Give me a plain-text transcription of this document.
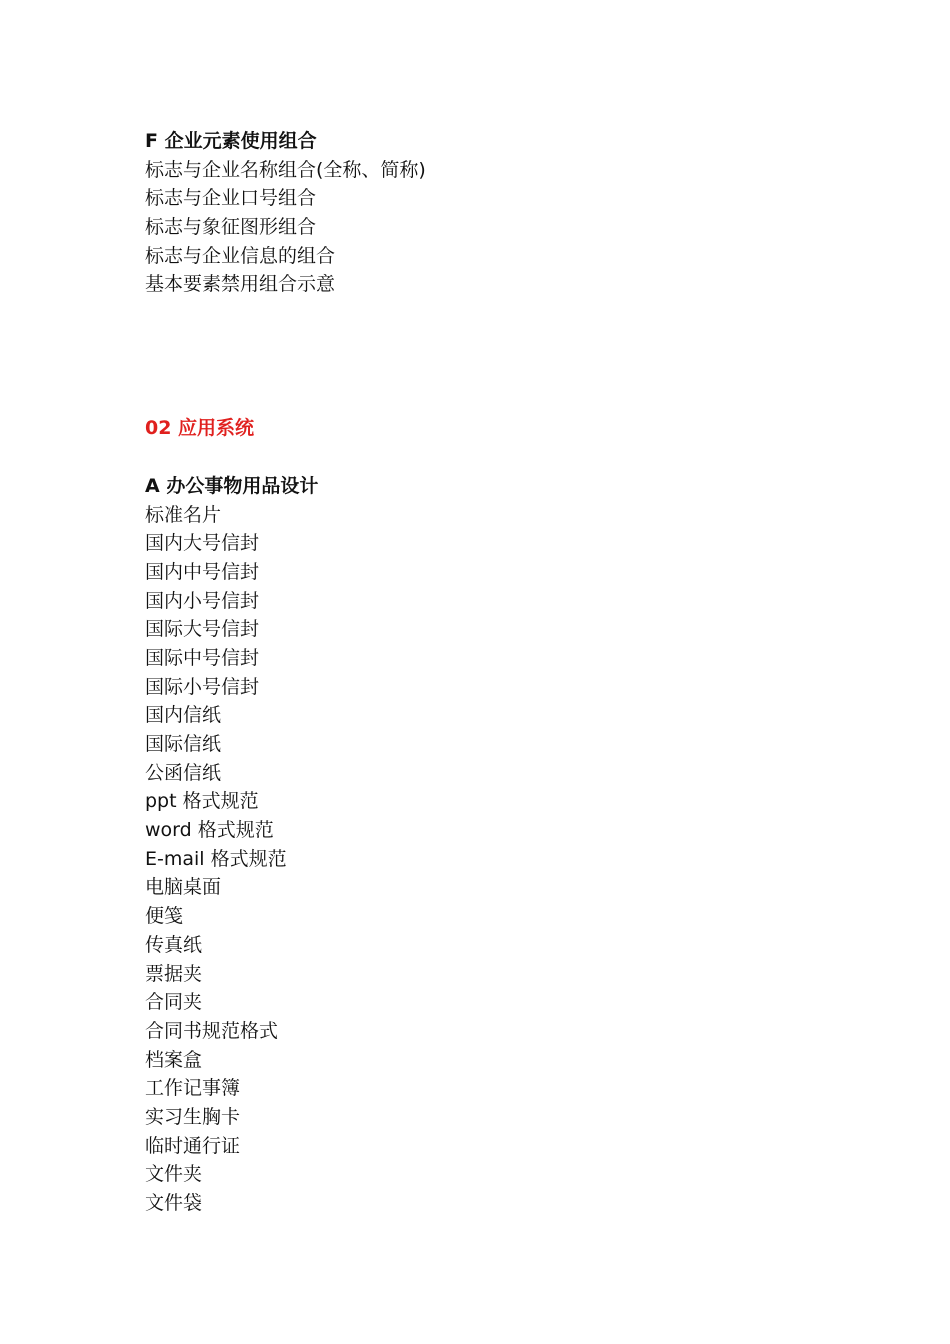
F 企业元素使用组合
标志与企业名称组合(全称、简称)
标志与企业口号组合
标志与象征图形组合
标志与企业信息的组合
基本要素禁用组合示意
02 应用系统
A 办公事物用品设计
标准名片
国内大号信封
国内中号信封
国内小号信封
国际大号信封
国际中号信封
国际小号信封
国内信纸
国际信纸
公函信纸
ppt 格式规范
word 格式规范
E-mail 格式规范
电脑桌面
便笺
传真纸
票据夹
合同夹
合同书规范格式
档案盒
工作记事簿
实习生胸卡
临时通行证
文件夹
文件袋
